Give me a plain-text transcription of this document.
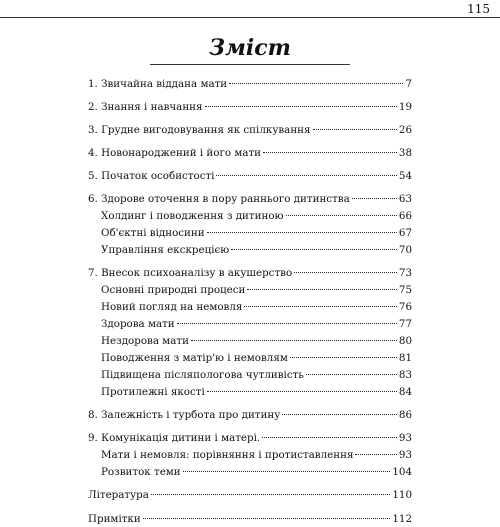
115
Зміст
1. Звичайна віддана мати	7
2. Знання і навчання	19
3. Грудне вигодовування як спілкування	26
4. Новонароджений і його мати	38
5. Початок особистості	54
6. Здорове оточення в пору раннього дитинства	63
Холдинг і поводження з дитиною	66
Об'єктні відносини	67
Управління екскрецією	70
7. Внесок психоаналізу в акушерство	73
Основні природні процеси	75
Новий погляд на немовля	76
Здорова мати	77
Нездорова мати	80
Поводження з матір'ю і немовлям	81
Підвищена післяпологова чутливість	83
Протилежні якості	84
8. Залежність і турбота про дитину	86
9. Комунікація дитини і матері.	93
Мати і немовля: порівняння і протиставлення	93
Розвиток теми	104
Література	110
Примітки	112
